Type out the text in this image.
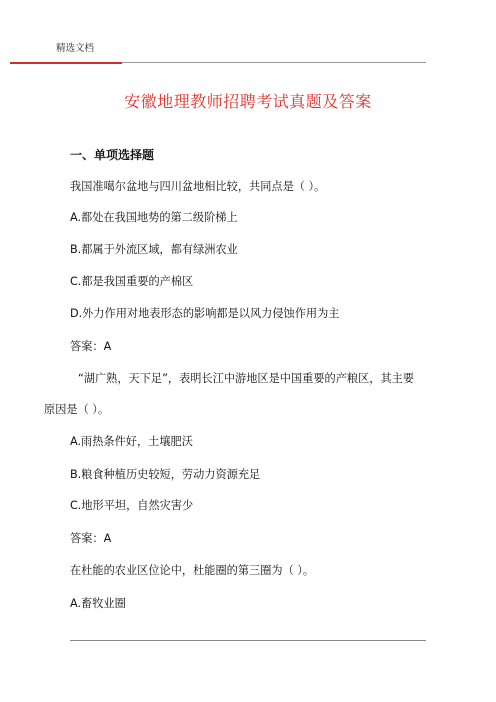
精选文档
安徽地理教师招聘考试真题及答案
一、单项选择题
我国准噶尔盆地与四川盆地相比较，共同点是（ ）。
A.都处在我国地势的第二级阶梯上
B.都属于外流区域，都有绿洲农业
C.都是我国重要的产棉区
D.外力作用对地表形态的影响都是以风力侵蚀作用为主
答案：A
“湖广熟，天下足”，表明长江中游地区是中国重要的产粮区，其主要
原因是（ ）。
A.雨热条件好，土壤肥沃
B.粮食种植历史较短，劳动力资源充足
C.地形平坦，自然灾害少
答案：A
在杜能的农业区位论中，杜能圈的第三圈为（ ）。
A.畜牧业圈
